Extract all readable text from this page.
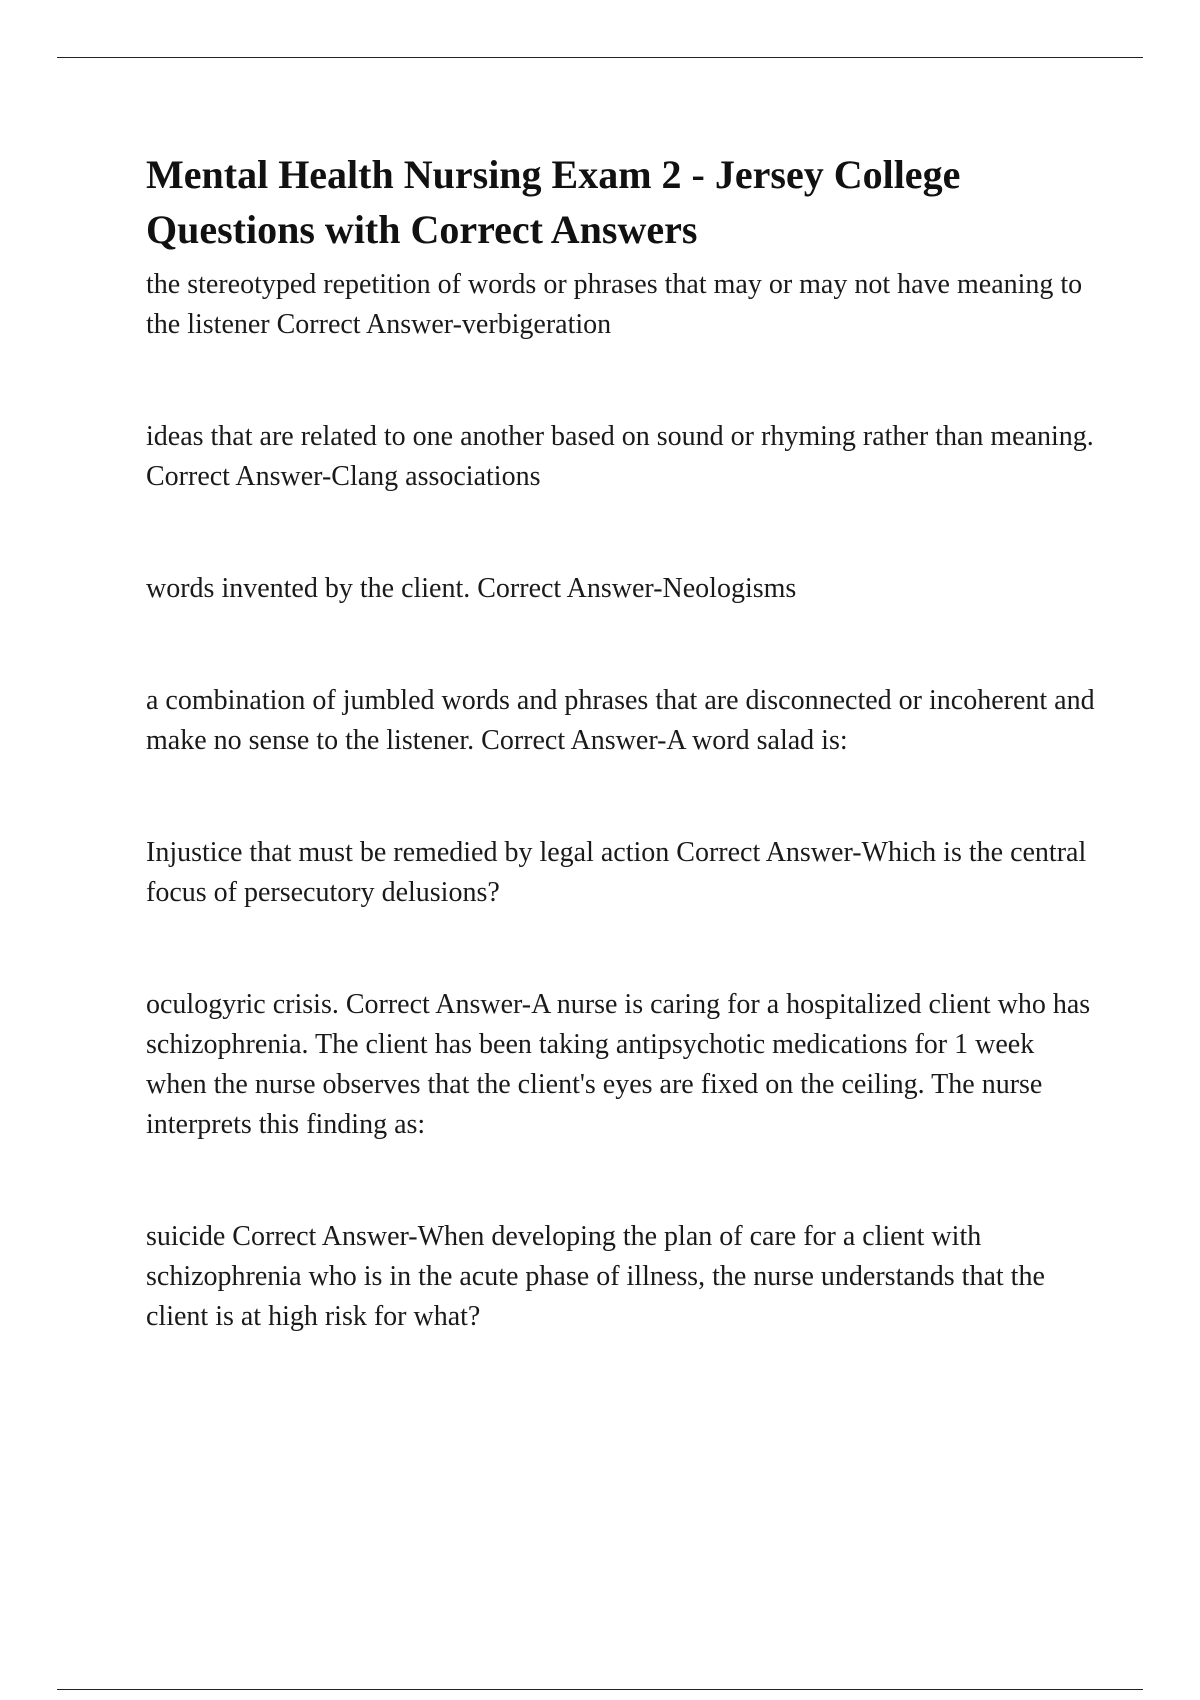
Mental Health Nursing Exam 2 - Jersey College
Questions with Correct Answers

the stereotyped repetition of words or phrases that may or may not have meaning to the listener Correct Answer-verbigeration

ideas that are related to one another based on sound or rhyming rather than meaning. Correct Answer-Clang associations

words invented by the client. Correct Answer-Neologisms

a combination of jumbled words and phrases that are disconnected or incoherent and make no sense to the listener. Correct Answer-A word salad is:

Injustice that must be remedied by legal action Correct Answer-Which is the central focus of persecutory delusions?

oculogyric crisis. Correct Answer-A nurse is caring for a hospitalized client who has schizophrenia. The client has been taking antipsychotic medications for 1 week when the nurse observes that the client's eyes are fixed on the ceiling. The nurse interprets this finding as:

suicide Correct Answer-When developing the plan of care for a client with schizophrenia who is in the acute phase of illness, the nurse understands that the client is at high risk for what?
